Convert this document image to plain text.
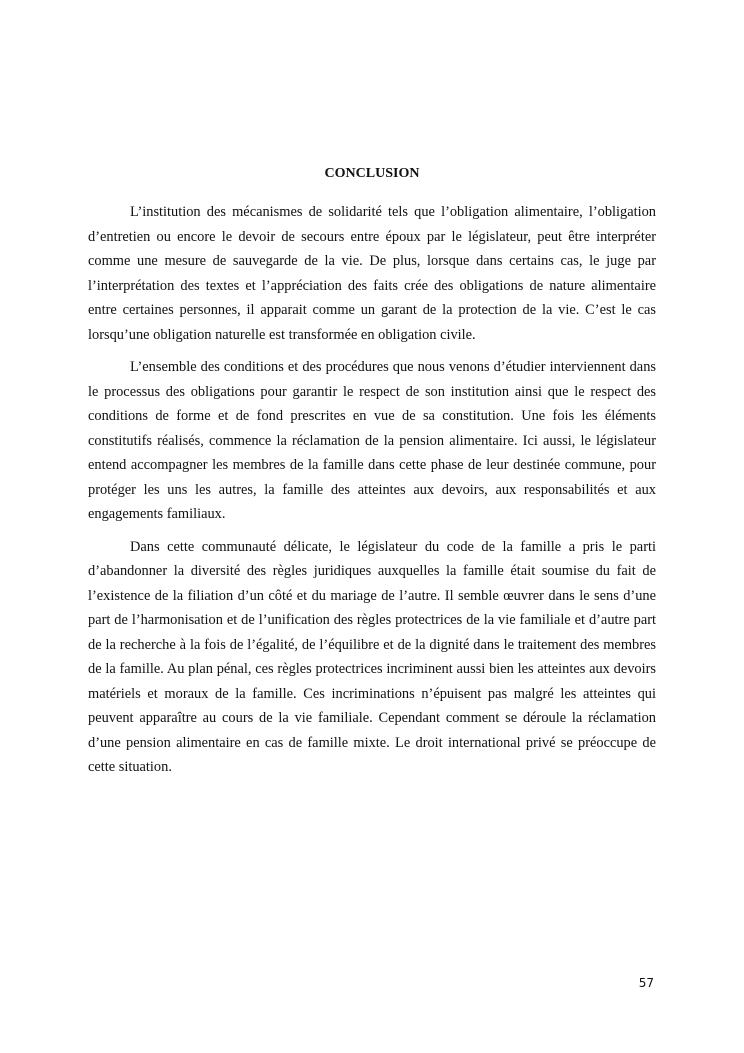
CONCLUSION

L’institution des mécanismes de solidarité tels que l’obligation alimentaire, l’obligation d’entretien ou encore le devoir de secours entre époux par le législateur, peut être interpréter comme une mesure de sauvegarde de la vie. De plus, lorsque dans certains cas, le juge par l’interprétation des textes et l’appréciation des faits crée des obligations de nature alimentaire entre certaines personnes, il apparait comme un garant de la protection de la vie. C’est le cas lorsqu’une obligation naturelle est transformée en obligation civile.

L’ensemble des conditions et des procédures que nous venons d’étudier interviennent dans le processus des obligations pour garantir le respect de son institution ainsi que le respect des conditions de forme et de fond prescrites en vue de sa constitution. Une fois les éléments constitutifs réalisés, commence la réclamation de la pension alimentaire. Ici aussi, le législateur entend accompagner les membres de la famille dans cette phase de leur destinée commune, pour protéger les uns les autres, la famille des atteintes aux devoirs, aux responsabilités et aux engagements familiaux.

Dans cette communauté délicate, le législateur du code de la famille a pris le parti d’abandonner la diversité des règles juridiques auxquelles la famille était soumise du fait de l’existence de la filiation d’un côté et du mariage de l’autre. Il semble œuvrer dans le sens d’une part de l’harmonisation et de l’unification des règles protectrices de la vie familiale et d’autre part de la recherche à la fois de l’égalité, de l’équilibre et de la dignité dans le traitement des membres de la famille. Au plan pénal, ces règles protectrices incriminent aussi bien les atteintes aux devoirs matériels et moraux de la famille. Ces incriminations n’épuisent pas malgré les atteintes qui peuvent apparaître au cours de la vie familiale. Cependant comment se déroule la réclamation d’une pension alimentaire en cas de famille mixte. Le droit international privé se préoccupe de cette situation.

57
